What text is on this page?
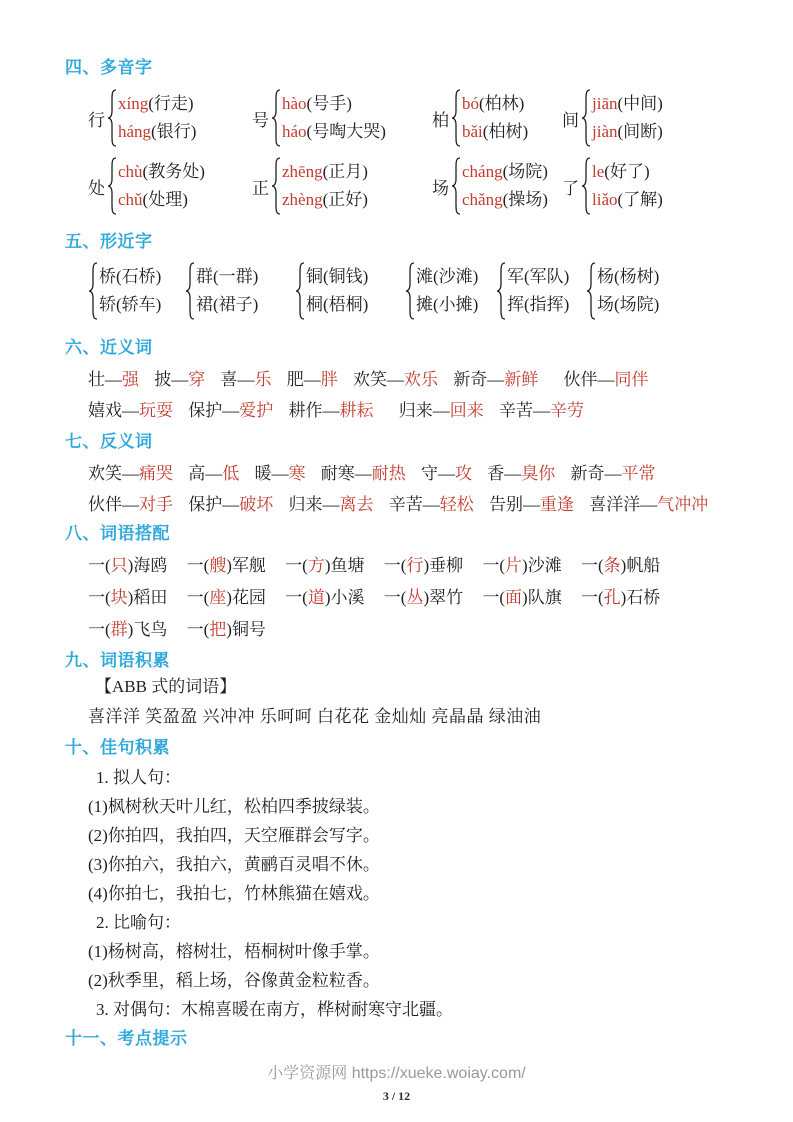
四、多音字
行
xíng(行走)
háng(银行)
号
hào(号手)
háo(号啕大哭)
柏
bó(柏林)
bǎi(柏树)
间
jiān(中间)
jiàn(间断)
处
chù(教务处)
chǔ(处理)
正
zhēng(正月)
zhèng(正好)
场
cháng(场院)
chǎng(操场)
了
le(好了)
liǎo(了解)
五、形近字
桥(石桥)
轿(轿车)
群(一群)
裙(裙子)
铜(铜钱)
桐(梧桐)
滩(沙滩)
摊(小摊)
军(军队)
挥(指挥)
杨(杨树)
场(场院)
六、近义词
壮—强 披—穿 喜—乐 肥—胖 欢笑—欢乐 新奇—新鲜 伙伴—同伴
嬉戏—玩耍 保护—爱护 耕作—耕耘 归来—回来 辛苦—辛劳
七、反义词
欢笑—痛哭 高—低 暖—寒 耐寒—耐热 守—攻 香—臭你 新奇—平常
伙伴—对手 保护—破坏 归来—离去 辛苦—轻松 告别—重逢 喜洋洋—气冲冲
八、词语搭配
一(只)海鸥 一(艘)军舰 一(方)鱼塘 一(行)垂柳 一(片)沙滩 一(条)帆船
一(块)稻田 一(座)花园 一(道)小溪 一(丛)翠竹 一(面)队旗 一(孔)石桥
一(群)飞鸟 一(把)铜号
九、词语积累
【ABB 式的词语】
喜洋洋 笑盈盈 兴冲冲 乐呵呵 白花花 金灿灿 亮晶晶 绿油油
十、佳句积累
1. 拟人句：
(1)枫树秋天叶儿红，松柏四季披绿装。
(2)你拍四，我拍四，天空雁群会写字。
(3)你拍六，我拍六，黄鹂百灵唱不休。
(4)你拍七，我拍七，竹林熊猫在嬉戏。
2. 比喻句：
(1)杨树高，榕树壮，梧桐树叶像手掌。
(2)秋季里，稻上场，谷像黄金粒粒香。
3. 对偶句：木棉喜暖在南方，桦树耐寒守北疆。
十一、考点提示
小学资源网 https://xueke.woiay.com/
3 / 12
